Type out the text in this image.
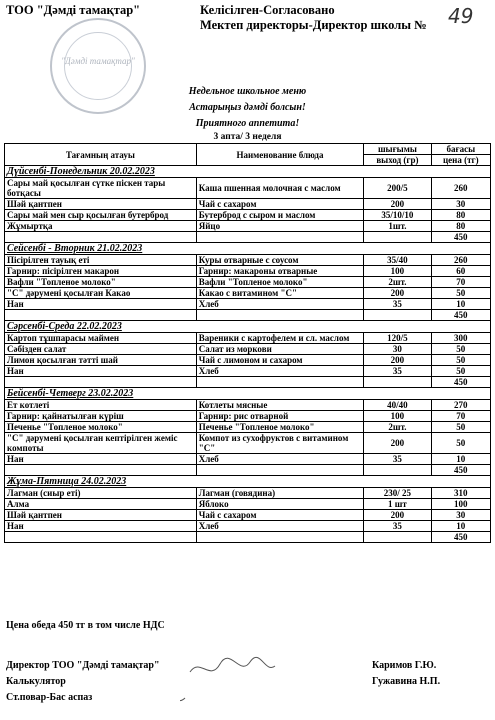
ТОО "Дәмді тамақтар"	Келісілген-Согласовано
Мектеп директоры-Директор школы № 49
"Дәмді тамақтар"
Недельное школьное меню
Астарыңыз дәмді болсын!
Приятного аппетита!
3 апта/ 3 неделя
Тағамның атауы	Наименование блюда	шығымы	бағасы
		выход (гр)	цена (тг)
Дүйсенбі-Понедельник 20.02.2023			
Сары май қосылған сүтке піскен тары ботқасы	Каша пшенная молочная с маслом	200/5	260
Шәй қантпен	Чай с сахаром	200	30
Сары май мен сыр қосылған бутерброд	Бутерброд с сыром и маслом	35/10/10	80
Жұмыртқа	Яйцо	1шт.	80
			450
Сейсенбі - Вторник 21.02.2023			
Пісірілген тауық еті	Куры отварные с соусом	35/40	260
Гарнир: пісірілген макарон	Гарнир: макароны отварные	100	60
Вафли "Топленое молоко"	Вафли "Топленое молоко"	2шт.	70
"С" дәрумені қосылған Какао	Какао с витамином "С"	200	50
Нан	Хлеб	35	10
			450
Сәрсенбі-Среда 22.02.2023			
Картоп тұшпарасы маймен	Вареники с картофелем и сл. маслом	120/5	300
Сәбізден салат	Салат из моркови	30	50
Лимон қосылған тәтті шай	Чай с лимоном и сахаром	200	50
Нан	Хлеб	35	50
			450
Бейсенбі-Четверг 23.02.2023			
Ет котлеті	Котлеты мясные	40/40	270
Гарнир: қайнатылған күріш	Гарнир: рис отварной	100	70
Печенье "Топленое молоко"	Печенье "Топленое молоко"	2шт.	50
"С" дәрумені қосылған кептірілген жеміс компоты	Компот из сухофруктов с витамином "С"	200	50
Нан	Хлеб	35	10
			450
Жұма-Пятница 24.02.2023			
Лагман (сиыр еті)	Лагман (говядина)	230/ 25	310
Алма	Яблоко	1 шт	100
Шәй қантпен	Чай с сахаром	200	30
Нан	Хлеб	35	10
			450
Цена обеда 450 тг в том числе НДС
Директор ТОО "Дәмді тамақтар"	Каримов Г.Ю.
Калькулятор	Гужавина Н.П.
Ст.повар-Бас аспаз
